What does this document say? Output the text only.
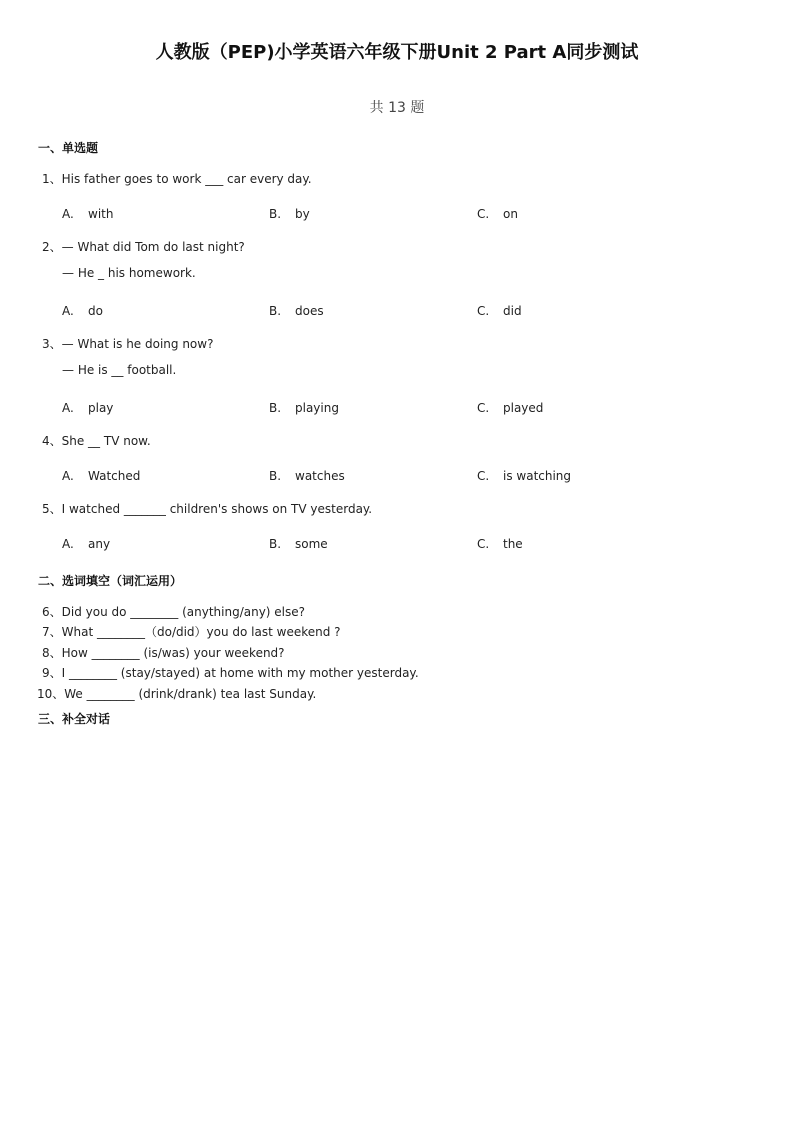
人教版（PEP)小学英语六年级下册Unit 2 Part A同步测试
共 13 题
一、单选题
1、His father goes to work ___ car every day.
A. with	B. by	C. on
2、— What did Tom do last night?
— He _ his homework.
A. do	B. does	C. did
3、— What is he doing now?
— He is __ football.
A. play	B. playing	C. played
4、She __ TV now.
A. Watched	B. watches	C. is watching
5、I watched _______ children's shows on TV yesterday.
A. any	B. some	C. the
二、选词填空（词汇运用）
6、Did you do ________ (anything/any) else?
7、What ________（do/did）you do last weekend ?
8、How ________ (is/was) your weekend?
9、I ________ (stay/stayed) at home with my mother yesterday.
10、We ________ (drink/drank) tea last Sunday.
三、补全对话
